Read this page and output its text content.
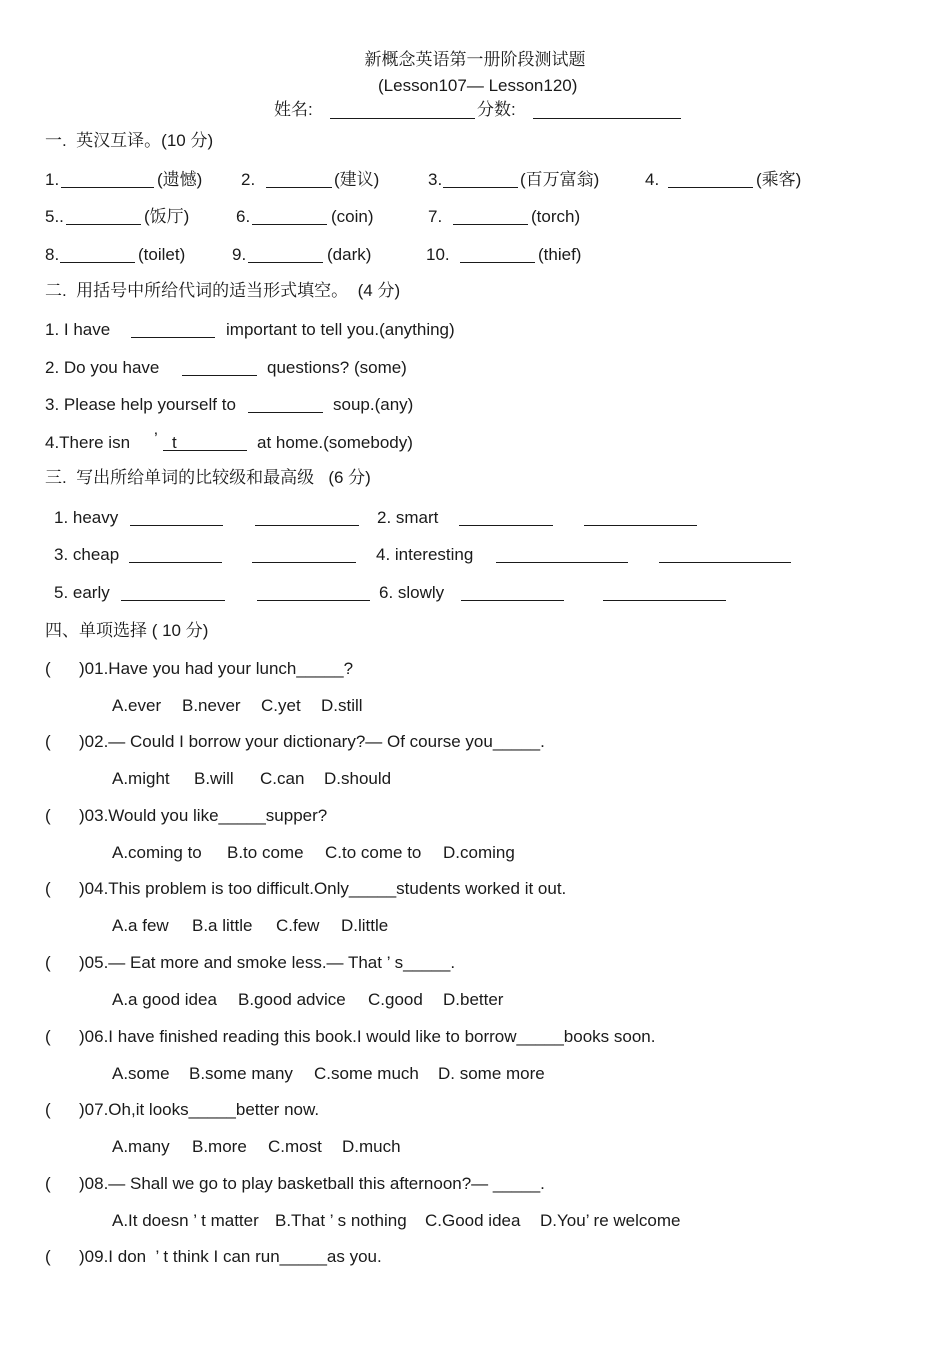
新概念英语第一册阶段测试题
(Lesson107— Lesson120)
姓名:	分数:
一.  英汉互译。(10 分)
1.	(遗憾) 2.	(建议)	3.	(百万富翁)	4.	(乘客)
5..	(饭厅)	6.	(coin)	7.	(torch)
8.	(toilet)	9.	(dark)	10.	(thief)
二.  用括号中所给代词的适当形式填空。  (4 分)
1. I have	important to tell you.(anything)
2. Do you have	questions? (some)
3. Please help yourself to	soup.(any)
4.There isn ’ t	at home.(somebody)
三.  写出所给单词的比较级和最高级   (6 分)
1. heavy	2. smart
3. cheap	4. interesting
5. early	6. slowly
四、单项选择 ( 10 分)
( )01.Have you had your lunch_____?
A.ever B.never C.yet D.still
( )02.— Could I borrow your dictionary?— Of course you_____.
A.might B.will C.can D.should
( )03.Would you like_____supper?
A.coming to B.to come C.to come to D.coming
( )04.This problem is too difficult.Only_____students worked it out.
A.a few B.a little C.few D.little
( )05.— Eat more and smoke less.— That ’ s_____.
A.a good idea B.good advice C.good D.better
( )06.I have finished reading this book.I would like to borrow_____books soon.
A.some B.some many C.some much D. some more
( )07.Oh,it looks_____better now.
A.many B.more C.most D.much
( )08.— Shall we go to play basketball this afternoon?— _____.
A.It doesn ’ t matter B.That ’ s nothing C.Good idea D.You’ re welcome
( )09.I don  ’ t think I can run_____as you.
